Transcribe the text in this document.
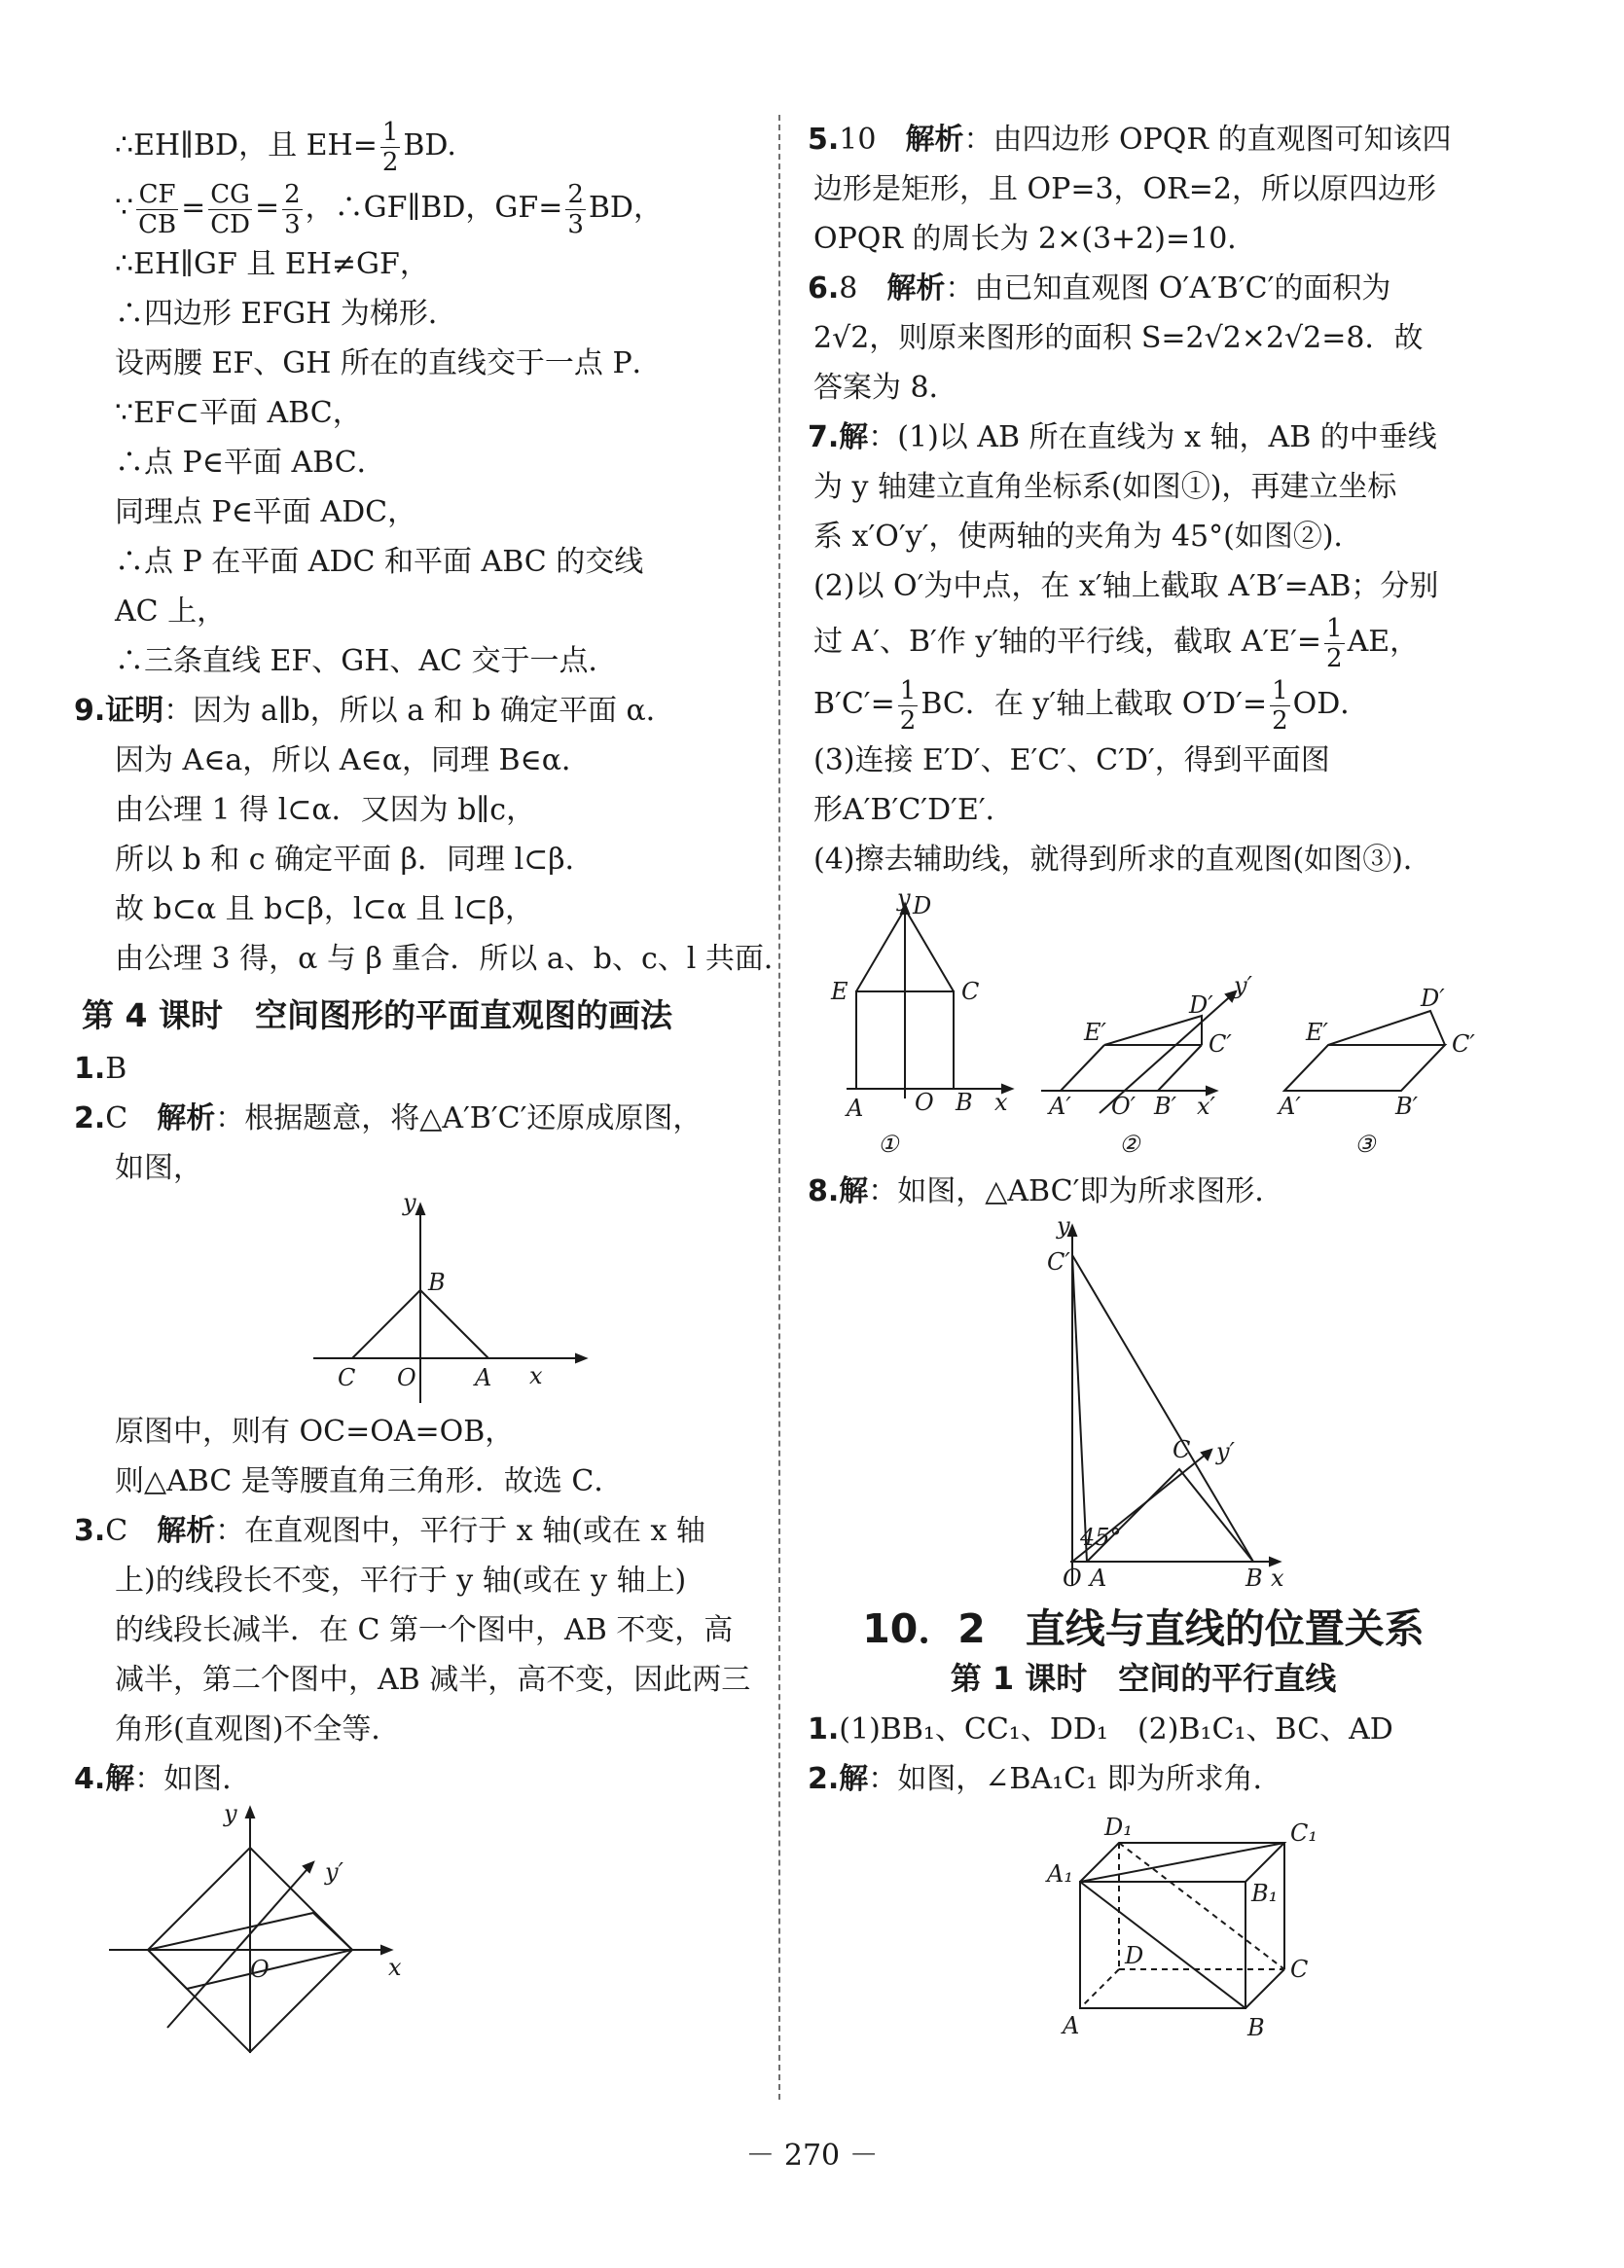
∴EH∥BD，且 $EH= \frac{1}{2}$ BD.
∵ $\frac{CF}{CB} = \frac{CG}{CD} = \frac{2}{3}$ ，∴GF∥BD，$GF= \frac{2}{3}$ BD，
∴EH∥GF 且 EH≠GF，
∴四边形 EFGH 为梯形．
设两腰 EF、GH 所在的直线交于一点 P．
∵EF⊂平面 ABC，
∴点 P∈平面 ABC．
同理点 P∈平面 ADC，
∴点 P 在平面 ADC 和平面 ABC 的交线
AC 上，
∴三条直线 EF、GH、AC 交于一点．
9.证明：因为 a∥b，所以 a 和 b 确定平面 α．
因为 A∈a，所以 A∈α，同理 B∈α．
由公理 1 得 l⊂α．又因为 b∥c，
所以 b 和 c 确定平面 β．同理 l⊂β．
故 b⊂α 且 b⊂β，l⊂α 且 l⊂β，
由公理 3 得，α 与 β 重合．所以 a、b、c、l 共面．
第 4 课时　空间图形的平面直观图的画法
1.B
2.C　 解析：根据题意，将△A′B′C′还原成原图，
如图，
y
B
C O	A x
原图中，则有 OC=OA=OB，
则△ABC 是等腰直角三角形．故选 C．
3.C　 解析：在直观图中，平行于 x 轴(或在 x 轴
上)的线段长不变，平行于 y 轴(或在 y 轴上)
的线段长减半．在 C 第一个图中，AB 不变，高
减半，第二个图中，AB 减半，高不变，因此两三
角形(直观图)不全等．
4.解：如图．
y
y′
O	x
5.10　 解析：由四边形 OPQR 的直观图可知该四
边形是矩形，且 OP=3，OR=2，所以原四边形
OPQR 的周长为 2×(3+2)=10．
6.8　 解析：由已知直观图 O′A′B′C′的面积为
2√2，则原来图形的面积 S=2√2×2√2=8．故
答案为 8．
7.解：(1)以 AB 所在直线为 x 轴，AB 的中垂线
为 y 轴建立直角坐标系(如图①)，再建立坐标
系 x′O′y′，使两轴的夹角为 45°(如图②)．
(2)以 O′为中点，在 x′轴上截取 A′B′=AB；分别
过 A′、B′作 y′轴的平行线，截取 $A'E'= \frac{1}{2}$ AE，
$B'C'= \frac{1}{2}$ BC．在 y′轴上截取 $O'D'= \frac{1}{2}$ OD．
(3)连接 E′D′、E′C′、C′D′，得到平面图
形A′B′C′D′E′．
(4)擦去辅助线，就得到所求的直观图(如图③)．
y D
E	C
A O B x
①
D′
y′
E′	C′
A′ O′ B′ x′
②
D′
E′	C′
A′	B′
③
8.解：如图，△ABC′即为所求图形．
y
C′
C y′
45°
O A	B x
10．2　直线与直线的位置关系
第 1 课时　空间的平行直线
1.(1)BB₁、CC₁、DD₁　(2)B₁C₁、BC、AD
2.解：如图，∠BA₁C₁ 即为所求角．
D₁	C₁
A₁
B₁
D	C
A	B
－ 270 －
